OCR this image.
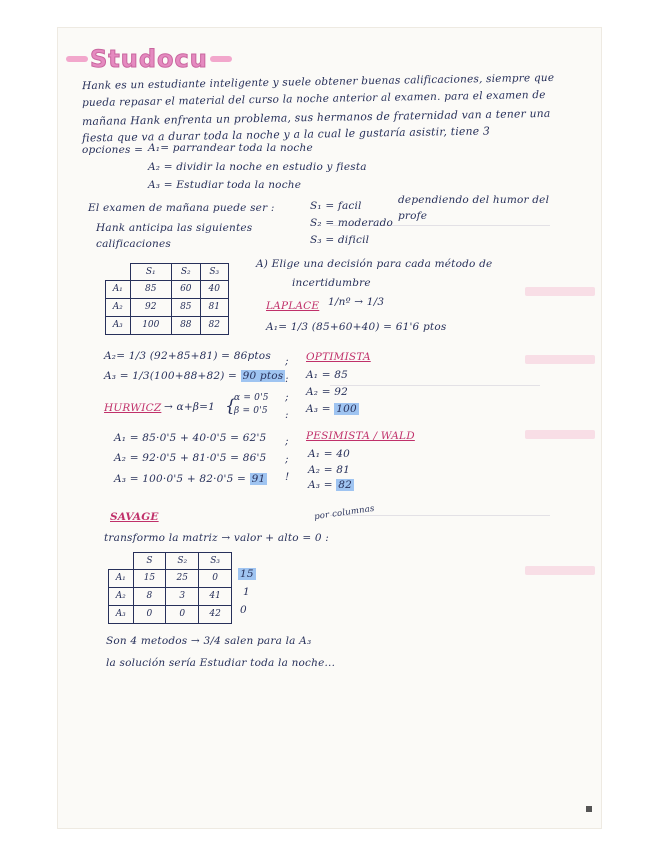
Studocu
Hank es un estudiante inteligente y suele obtener buenas calificaciones, siempre que
pueda repasar el material del curso la noche anterior al examen. para el examen de
mañana Hank enfrenta un problema, sus hermanos de fraternidad van a tener una
fiesta que va a durar toda la noche y a la cual le gustaría asistir, tiene 3
opciones = A₁= parrandear toda la noche
A₂ = dividir la noche en estudio y fiesta
A₃ = Estudiar toda la noche
El examen de mañana puede ser :	S₁ = facil
S₂ = moderado
S₃ = dificil
dependiendo del humor del
profe
Hank anticipa las siguientes
calificaciones
	S₁	S₂	S₃
A₁	85	60	40
A₂	92	85	81
A₃	100	88	82
A) Elige una decisión para cada método de
incertidumbre
LAPLACE 1/nº → 1/3
A₁= 1/3 (85+60+40) = 61'6 ptos
A₂= 1/3 (92+85+81) = 86ptos
A₃ = 1/3(100+88+82) = 90 ptos
;
:
;
:
;
;
!
OPTIMISTA
A₁ = 85
A₂ = 92
A₃ = 100
HURWICZ → α+β=1 {
α = 0'5
β = 0'5
A₁ = 85·0'5 + 40·0'5 = 62'5
A₂ = 92·0'5 + 81·0'5 = 86'5
A₃ = 100·0'5 + 82·0'5 = 91
PESIMISTA / WALD
A₁ = 40
A₂ = 81
A₃ = 82
SAVAGE	por columnas
transformo la matriz → valor + alto = 0 :
	S	S₂	S₃
A₁	15	25	0
A₂	8	3	41
A₃	0	0	42
15
1
0
Son 4 metodos → 3/4 salen para la A₃
la solución sería Estudiar toda la noche...
